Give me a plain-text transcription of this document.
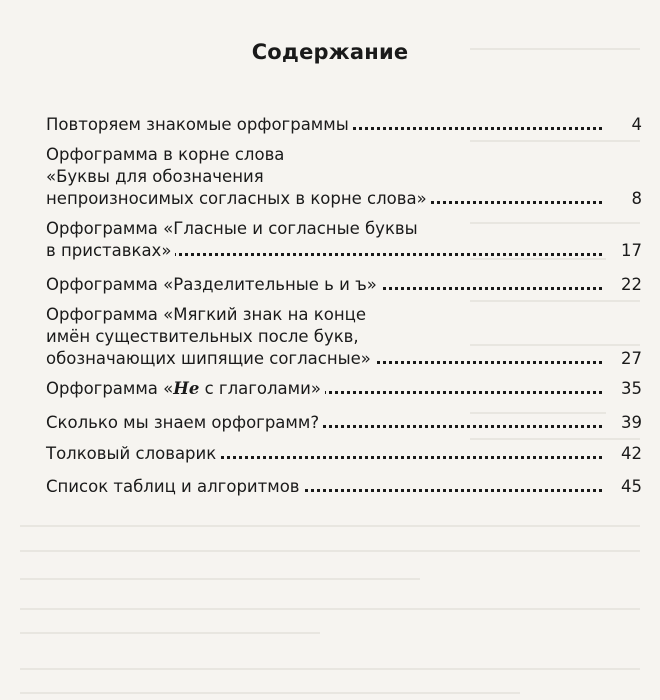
Содержание
Повторяем знакомые орфограммы	4
Орфограмма в корне слова
«Буквы для обозначения
непроизносимых согласных в корне слова»	8
Орфограмма «Гласные и согласные буквы
в приставках»	17
Орфограмма «Разделительные ь и ъ»	22
Орфограмма «Мягкий знак на конце
имён существительных после букв,
обозначающих шипящие согласные»	27
Орфограмма «Не с глаголами»	35
Сколько мы знаем орфограмм?	39
Толковый словарик	42
Список таблиц и алгоритмов	45
